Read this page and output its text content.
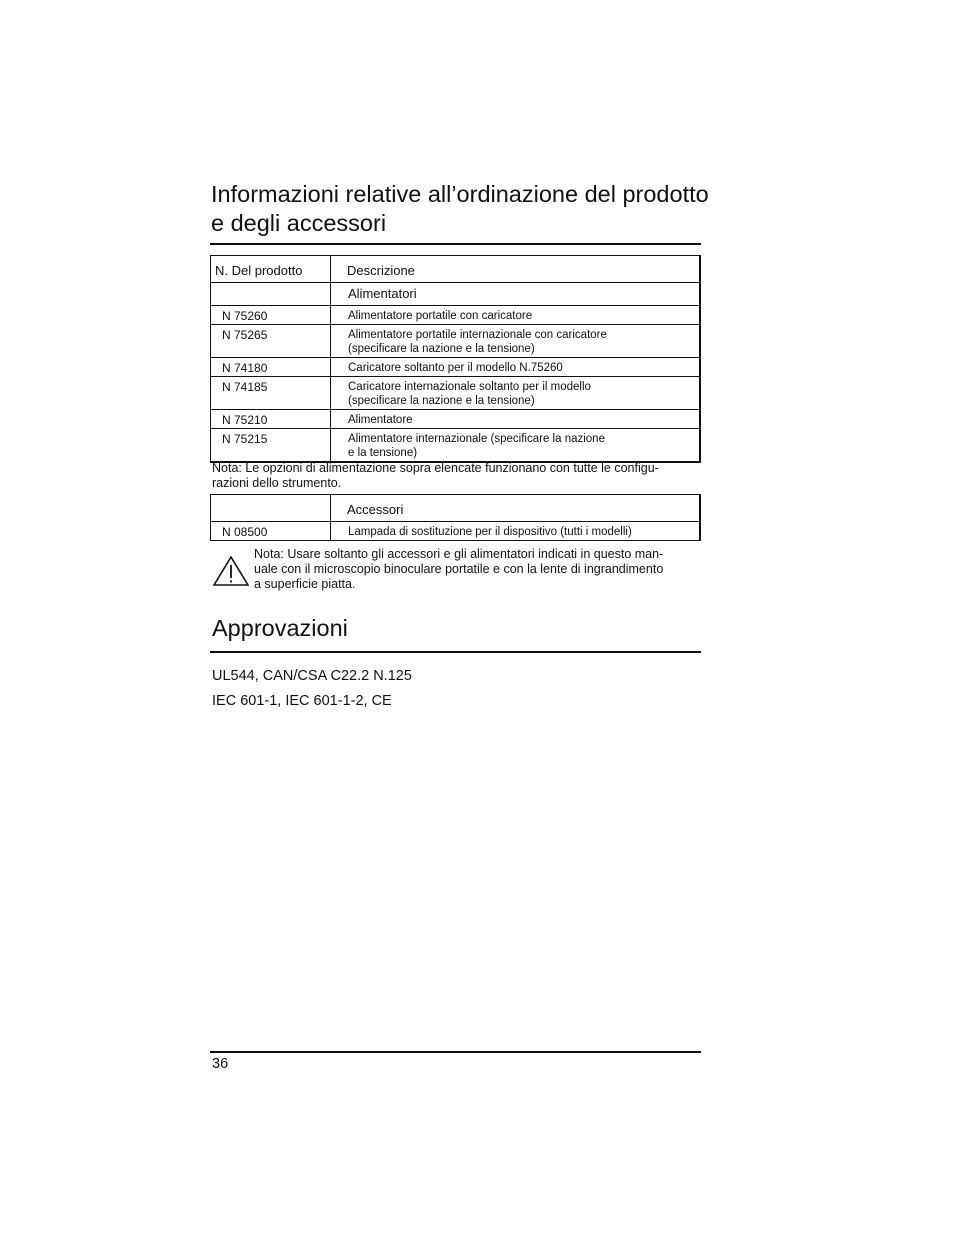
Informazioni relative all’ordinazione del prodotto e degli accessori
N. Del prodotto	Descrizione
	Alimentatori
N 75260	Alimentatore portatile con caricatore
N 75265	Alimentatore portatile internazionale con caricatore
(specificare la nazione e la tensione)
N 74180	Caricatore soltanto per il modello N.75260
N 74185	Caricatore internazionale soltanto per il modello
(specificare la nazione e la tensione)
N 75210	Alimentatore
N 75215	Alimentatore internazionale (specificare la nazione
e la tensione)
Nota: Le opzioni di alimentazione sopra elencate funzionano con tutte le configu-
razioni dello strumento.
	Accessori
N 08500	Lampada di sostituzione per il dispositivo (tutti i modelli)
Nota: Usare soltanto gli accessori e gli alimentatori indicati in questo man-
uale con il microscopio binoculare portatile e con la lente di ingrandimento
a superficie piatta.
Approvazioni
UL544, CAN/CSA C22.2 N.125
IEC 601-1, IEC 601-1-2, CE
36
